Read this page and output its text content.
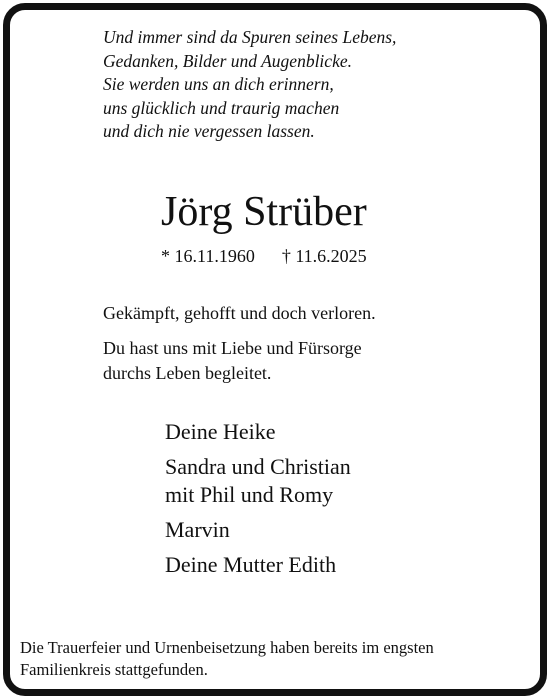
Und immer sind da Spuren seines Lebens,
Gedanken, Bilder und Augenblicke.
Sie werden uns an dich erinnern,
uns glücklich und traurig machen
und dich nie vergessen lassen.
Jörg Strüber
* 16.11.1960 † 11.6.2025
Gekämpft, gehofft und doch verloren.
Du hast uns mit Liebe und Fürsorge
durchs Leben begleitet.
Deine Heike
Sandra und Christian
mit Phil und Romy
Marvin
Deine Mutter Edith
Die Trauerfeier und Urnenbeisetzung haben bereits im engsten
Familienkreis stattgefunden.
